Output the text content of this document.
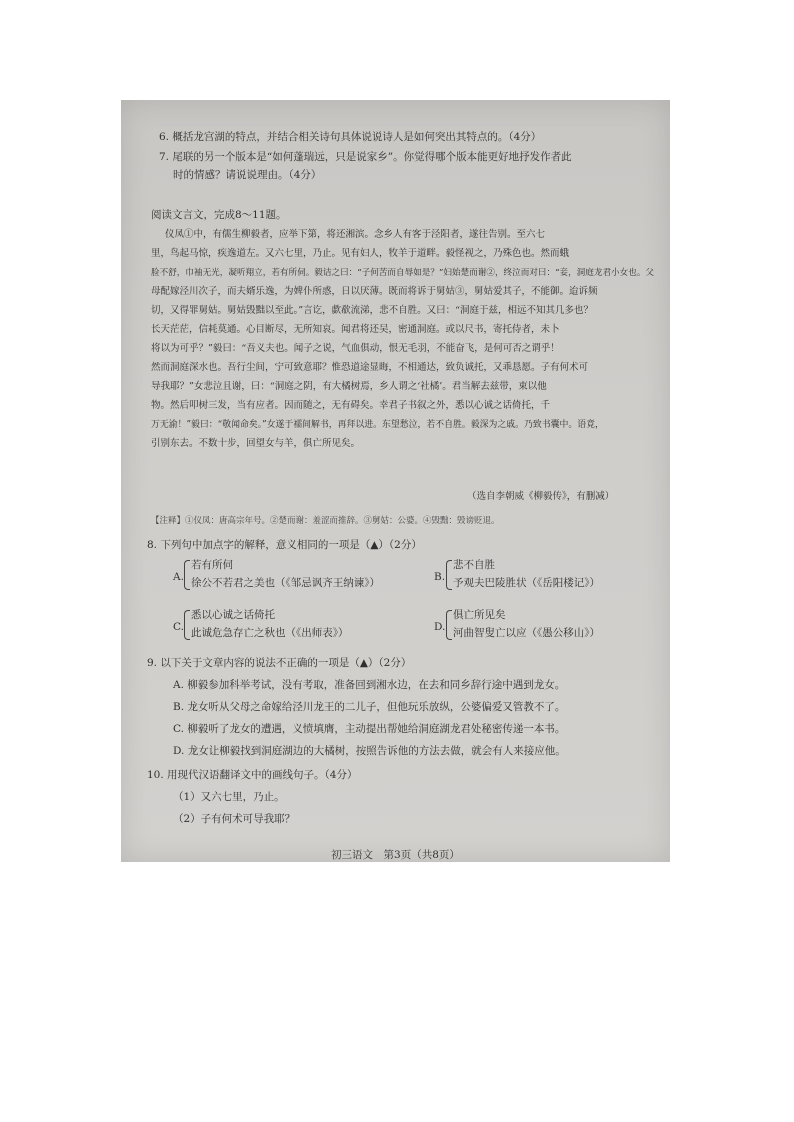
6. 概括龙宫湖的特点，并结合相关诗句具体说说诗人是如何突出其特点的。（4分）
7. 尾联的另一个版本是“如何蓬瑞远，只是说家乡”。你觉得哪个版本能更好地抒发作者此
时的情感？请说说理由。（4分）
阅读文言文，完成8～11题。
仪凤①中，有儒生柳毅者，应举下第，将还湘滨。念乡人有客于泾阳者，遂往告别。至六七
里，鸟起马惊，疾逸道左。又六七里，乃止。见有妇人，牧羊于道畔。毅怪视之，乃殊色也。然而蛾
脸不舒，巾袖无光，凝听翔立，若有所伺。毅诘之曰：“子何苦而自辱如是？”妇始楚而谢②，终泣而对曰：“妾，洞庭龙君小女也。父
母配嫁泾川次子，而夫婿乐逸，为婢仆所惑，日以厌薄。既而将诉于舅姑③，舅姑爱其子，不能御。迨诉频
切，又得罪舅姑。舅姑毁黜以至此。”言讫，歔欷流涕，悲不自胜。又曰：“洞庭于兹，相远不知其几多也？
长天茫茫，信耗莫通。心目断尽，无所知哀。闻君将还吴，密通洞庭。或以尺书，寄托侍者，未卜
将以为可乎？”毅曰：“吾义夫也。闻子之说，气血俱动，恨无毛羽，不能奋飞，是何可否之谓乎！
然而洞庭深水也。吾行尘间，宁可致意耶？惟恐道途显晦，不相通达，致负诚托，又乖恳愿。子有何术可
导我耶？”女悲泣且谢，曰：“洞庭之阴，有大橘树焉，乡人谓之‘社橘’。君当解去兹带，束以他
物。然后叩树三发，当有应者。因而随之，无有碍矣。幸君子书叙之外，悉以心诚之话倚托，千
万无渝！”毅曰：“敬闻命矣。”女遂于襦间解书，再拜以进。东望愁泣，若不自胜。毅深为之戚。乃致书囊中。语竟，
引别东去。不数十步，回望女与羊，俱亡所见矣。
（选自李朝威《柳毅传》，有删减）
【注释】①仪凤：唐高宗年号。②楚而谢：羞涩而推辞。③舅姑：公婆。④毁黜：毁谤贬退。
8. 下列句中加点字的解释，意义相同的一项是（▲）（2分）
A.
若有所伺
徐公不若君之美也（《邹忌讽齐王纳谏》）	B.
悲不自胜
予观夫巴陵胜状（《岳阳楼记》）
C.
悉以心诚之话倚托
此诚危急存亡之秋也（《出师表》）	D.
俱亡所见矣
河曲智叟亡以应（《愚公移山》）
9. 以下关于文章内容的说法不正确的一项是（▲）（2分）
A. 柳毅参加科举考试，没有考取，准备回到湘水边，在去和同乡辞行途中遇到龙女。
B. 龙女听从父母之命嫁给泾川龙王的二儿子，但他玩乐放纵，公婆偏爱又管教不了。
C. 柳毅听了龙女的遭遇，义愤填膺，主动提出帮她给洞庭湖龙君处秘密传递一本书。
D. 龙女让柳毅找到洞庭湖边的大橘树，按照告诉他的方法去做，就会有人来接应他。
10. 用现代汉语翻译文中的画线句子。（4分）
（1）又六七里，乃止。
（2）子有何术可导我耶？
初三语文　第3页（共8页）
